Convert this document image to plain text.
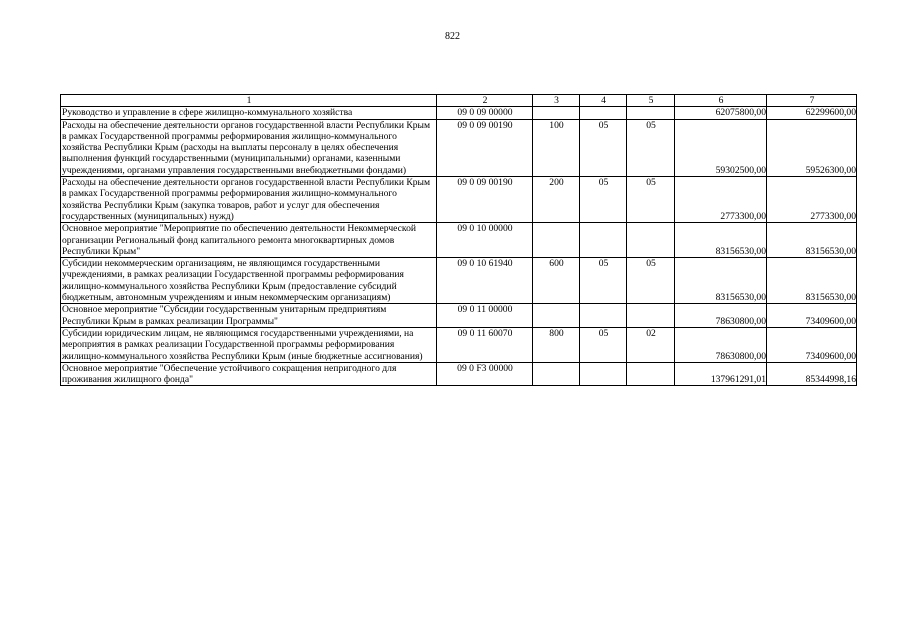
822
1	2	3	4	5	6	7
Руководство и управление в сфере жилищно-коммунального хозяйства	09 0 09 00000				62075800,00	62299600,00
Расходы на обеспечение деятельности органов государственной власти Республики Крым в рамках Государственной программы реформирования жилищно-коммунального хозяйства Республики Крым (расходы на выплаты персоналу в целях обеспечения выполнения функций государственными (муниципальными) органами, казенными учреждениями, органами управления государственными внебюджетными фондами)	09 0 09 00190	100	05	05	59302500,00	59526300,00
Расходы на обеспечение деятельности органов государственной власти Республики Крым в рамках Государственной программы реформирования жилищно-коммунального хозяйства Республики Крым (закупка товаров, работ и услуг для обеспечения государственных (муниципальных) нужд)	09 0 09 00190	200	05	05	2773300,00	2773300,00
Основное мероприятие "Мероприятие по обеспечению деятельности Некоммерческой организации Региональный фонд капитального ремонта многоквартирных домов Республики Крым"	09 0 10 00000				83156530,00	83156530,00
Субсидии некоммерческим организациям, не являющимся государственными учреждениями, в рамках реализации Государственной программы реформирования жилищно-коммунального хозяйства Республики Крым (предоставление субсидий бюджетным, автономным учреждениям и иным некоммерческим организациям)	09 0 10 61940	600	05	05	83156530,00	83156530,00
Основное мероприятие "Субсидии государственным унитарным предприятиям Республики Крым в рамках реализации Программы"	09 0 11 00000				78630800,00	73409600,00
Субсидии юридическим лицам, не являющимся государственными учреждениями, на мероприятия в рамках реализации Государственной программы реформирования жилищно-коммунального хозяйства Республики Крым (иные бюджетные ассигнования)	09 0 11 60070	800	05	02	78630800,00	73409600,00
Основное мероприятие "Обеспечение устойчивого сокращения непригодного для проживания жилищного фонда"	09 0 F3 00000				137961291,01	85344998,16
